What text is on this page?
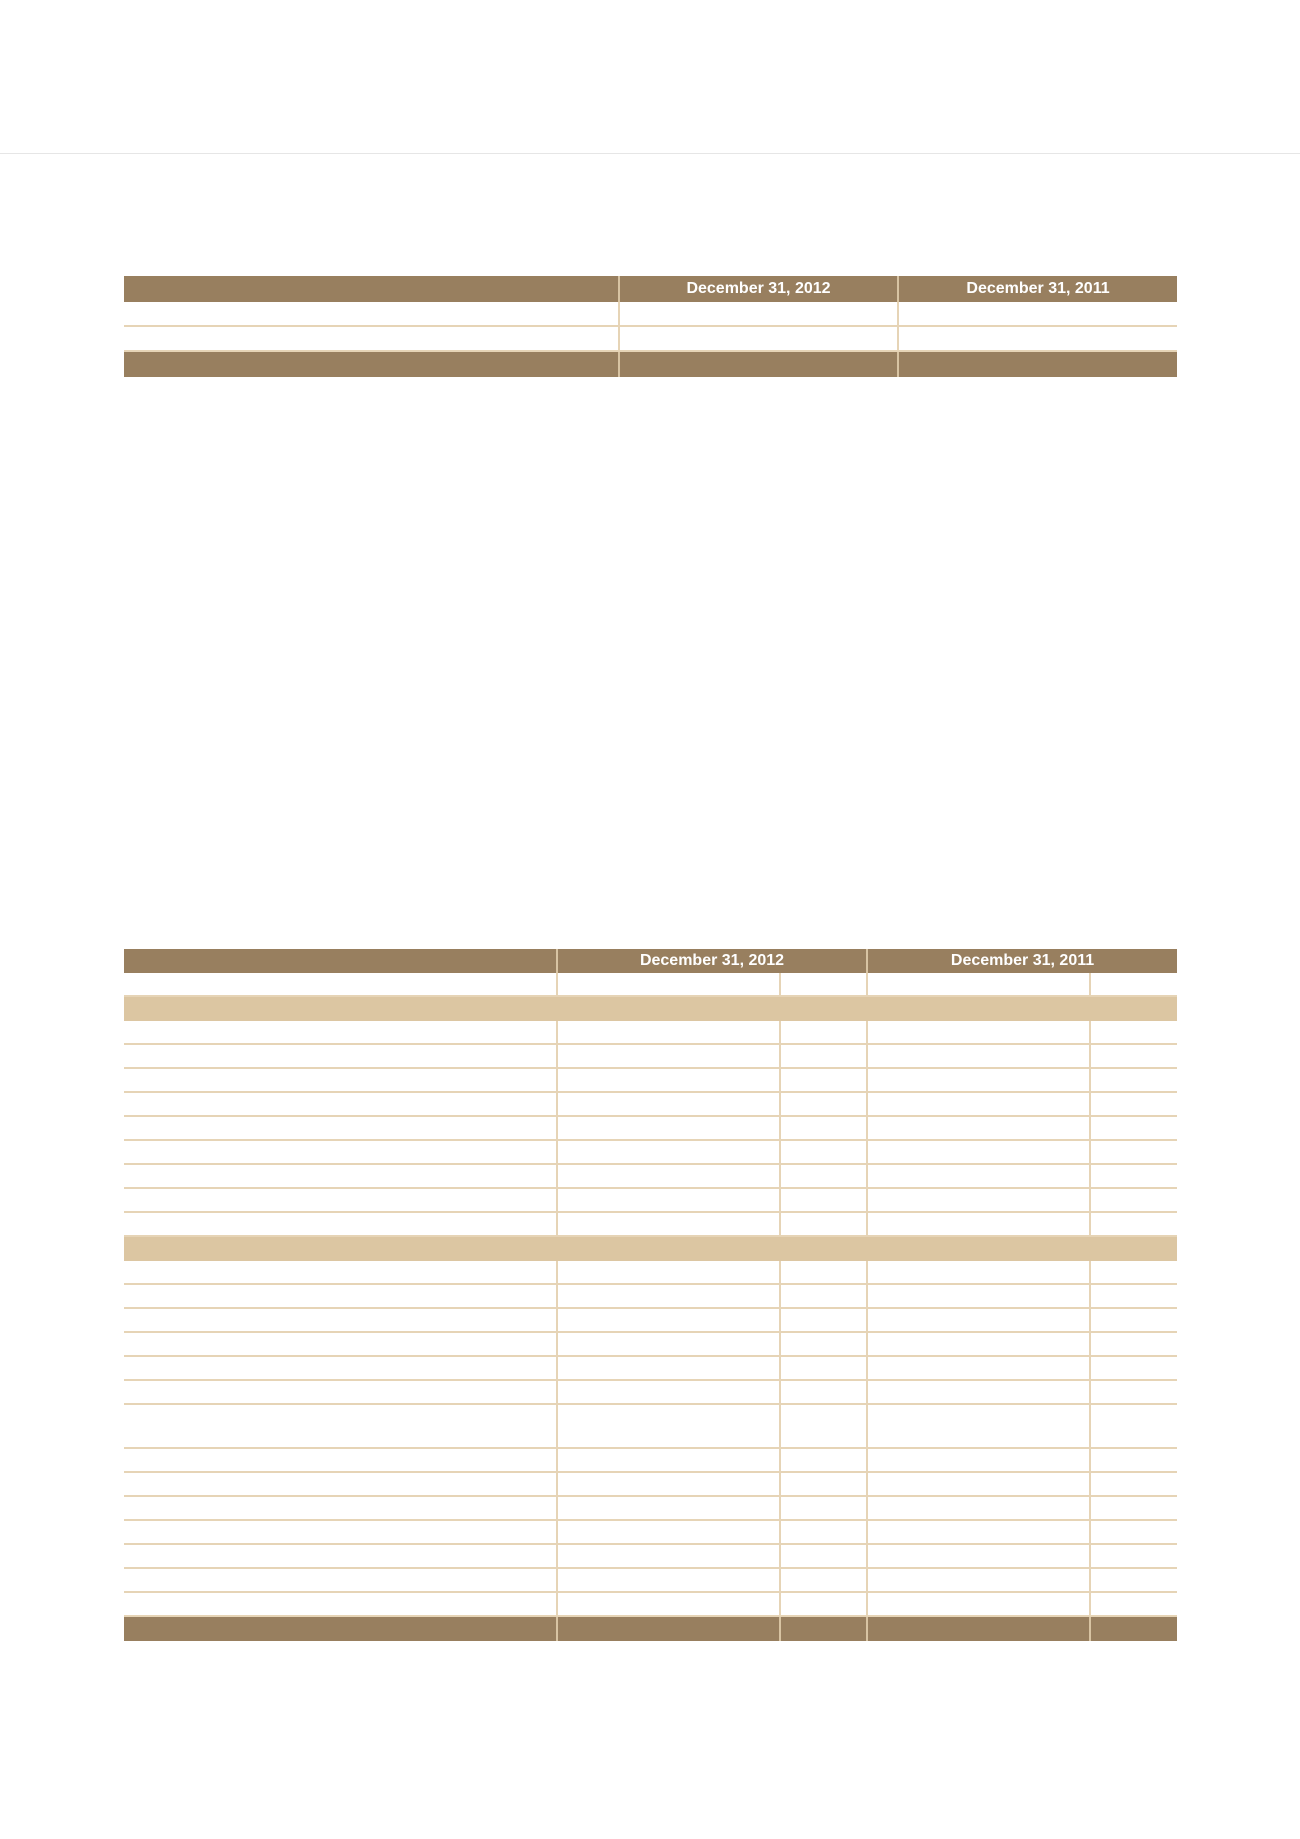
	December 31, 2012	December 31, 2011

	December 31, 2012		December 31, 2011	
